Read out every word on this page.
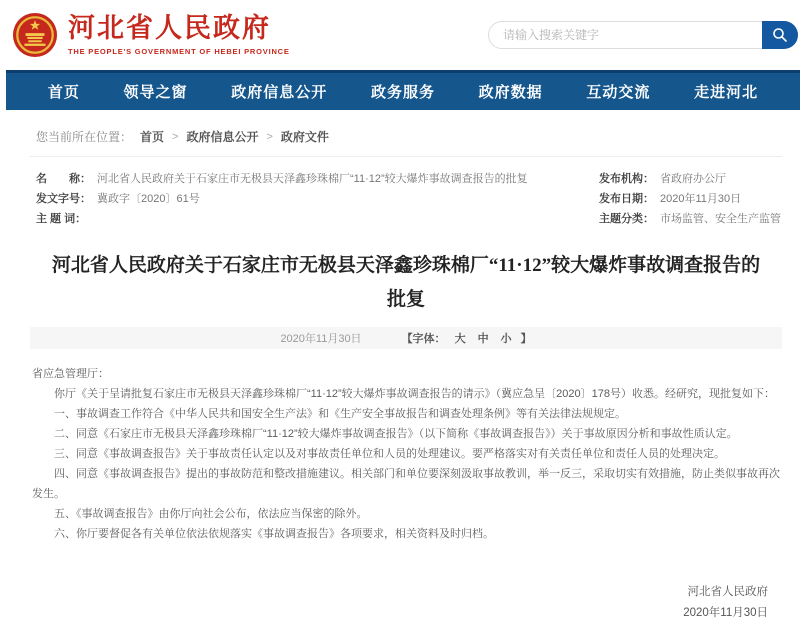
河北省人民政府
THE PEOPLE'S GOVERNMENT OF HEBEI PROVINCE
请输入搜索关键字
首页	领导之窗	政府信息公开	政务服务	政府数据	互动交流	走进河北
您当前所在位置： 首页 > 政府信息公开 > 政府文件
名　　称： 河北省人民政府关于石家庄市无极县天泽鑫珍珠棉厂“11·12”较大爆炸事故调查报告的批复
发文字号： 冀政字〔2020〕61号
主 题 词：
发布机构： 省政府办公厅
发布日期： 2020年11月30日
主题分类： 市场监管、安全生产监管
河北省人民政府关于石家庄市无极县天泽鑫珍珠棉厂“11·12”较大爆炸事故调查报告的批复
2020年11月30日	【字体： 大 中 小 】
省应急管理厅：
你厅《关于呈请批复石家庄市无极县天泽鑫珍珠棉厂“11·12”较大爆炸事故调查报告的请示》（冀应急呈〔2020〕178号）收悉。经研究，现批复如下：
一、事故调查工作符合《中华人民共和国安全生产法》和《生产安全事故报告和调查处理条例》等有关法律法规规定。
二、同意《石家庄市无极县天泽鑫珍珠棉厂“11·12”较大爆炸事故调查报告》（以下简称《事故调查报告》）关于事故原因分析和事故性质认定。
三、同意《事故调查报告》关于事故责任认定以及对事故责任单位和人员的处理建议。要严格落实对有关责任单位和责任人员的处理决定。
四、同意《事故调查报告》提出的事故防范和整改措施建议。相关部门和单位要深刻汲取事故教训，举一反三，采取切实有效措施，防止类似事故再次发生。
五、《事故调查报告》由你厅向社会公布，依法应当保密的除外。
六、你厅要督促各有关单位依法依规落实《事故调查报告》各项要求，相关资料及时归档。
河北省人民政府
2020年11月30日
